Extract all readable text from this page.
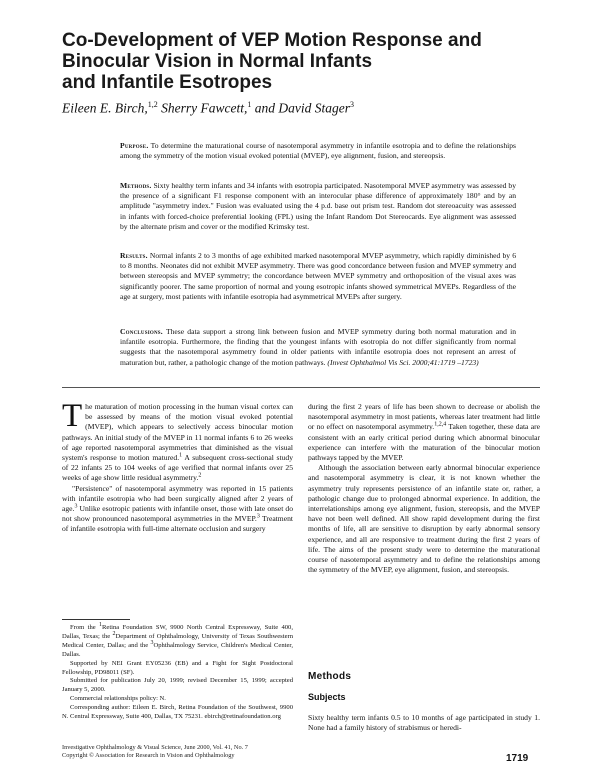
Co-Development of VEP Motion Response and
Binocular Vision in Normal Infants
and Infantile Esotropes
Eileen E. Birch,$^{1,2}$ Sherry Fawcett,$^1$ and David Stager$^3$

Purpose. To determine the maturational course of nasotemporal asymmetry in infantile esotropia and to define the relationships among the symmetry of the motion visual evoked potential (MVEP), eye alignment, fusion, and stereopsis.

Methods. Sixty healthy term infants and 34 infants with esotropia participated. Nasotemporal MVEP asymmetry was assessed by the presence of a significant F1 response component with an interocular phase difference of approximately 180° and by an amplitude "asymmetry index." Fusion was evaluated using the 4 p.d. base out prism test. Random dot stereoacuity was assessed in infants with forced-choice preferential looking (FPL) using the Infant Random Dot Stereocards. Eye alignment was assessed by the alternate prism and cover or the modified Krimsky test.

Results. Normal infants 2 to 3 months of age exhibited marked nasotemporal MVEP asymmetry, which rapidly diminished by 6 to 8 months. Neonates did not exhibit MVEP asymmetry. There was good concordance between fusion and MVEP symmetry and between stereopsis and MVEP symmetry; the concordance between MVEP symmetry and orthoposition of the visual axes was significantly poorer. The same proportion of normal and young esotropic infants showed symmetrical MVEPs. Regardless of the age at surgery, most patients with infantile esotropia had asymmetrical MVEPs after surgery.

Conclusions. These data support a strong link between fusion and MVEP symmetry during both normal maturation and in infantile esotropia. Furthermore, the finding that the youngest infants with esotropia do not differ significantly from normal suggests that the nasotemporal asymmetry found in older patients with infantile esotropia does not represent an arrest of maturation but, rather, a pathologic change of the motion pathways. (Invest Ophthalmol Vis Sci. 2000;41:1719 –1723)

The maturation of motion processing in the human visual cortex can be assessed by means of the motion visual evoked potential (MVEP), which appears to selectively access binocular motion pathways. An initial study of the MVEP in 11 normal infants 6 to 26 weeks of age reported nasotemporal asymmetries that diminished as the visual system's response to motion matured.$^1$ A subsequent cross-sectional study of 22 infants 25 to 104 weeks of age verified that normal infants over 25 weeks of age show little residual asymmetry.$^2$

"Persistence" of nasotemporal asymmetry was reported in 15 patients with infantile esotropia who had been surgically aligned after 2 years of age.$^3$ Unlike esotropic patients with infantile onset, those with late onset do not show pronounced nasotemporal asymmetries in the MVEP.$^3$ Treatment of infantile esotropia with full-time alternate occlusion and surgery

during the first 2 years of life has been shown to decrease or abolish the nasotemporal asymmetry in most patients, whereas later treatment had little or no effect on nasotemporal asymmetry.$^{1,2,4}$ Taken together, these data are consistent with an early critical period during which abnormal binocular experience can interfere with the maturation of the binocular motion pathways tapped by the MVEP.

Although the association between early abnormal binocular experience and nasotemporal asymmetry is clear, it is not known whether the asymmetry truly represents persistence of an infantile state or, rather, a pathologic change due to prolonged abnormal experience. In addition, the interrelationships among eye alignment, fusion, stereopsis, and the MVEP have not been well defined. All show rapid development during the first months of life, all are sensitive to disruption by early abnormal sensory experience, and all are responsive to treatment during the first 2 years of life. The aims of the present study were to determine the maturational course of nasotemporal asymmetry and to define the relationships among the symmetry of the MVEP, eye alignment, fusion, and stereopsis.

From the 1Retina Foundation SW, 9900 North Central Expressway, Suite 400, Dallas, Texas; the 2Department of Ophthalmology, University of Texas Southwestern Medical Center, Dallas; and the 3Ophthalmology Service, Children's Medical Center, Dallas.

Supported by NEI Grant EY05236 (EB) and a Fight for Sight Postdoctoral Fellowship, PD98011 (SF).

Submitted for publication July 20, 1999; revised December 15, 1999; accepted January 5, 2000.

Commercial relationships policy: N.

Corresponding author: Eileen E. Birch, Retina Foundation of the Southwest, 9900 N. Central Expressway, Suite 400, Dallas, TX 75231. ebirch@retinafoundation.org

Methods
Subjects

Sixty healthy term infants 0.5 to 10 months of age participated in study 1. None had a family history of strabismus or heredi-

Investigative Ophthalmology & Visual Science, June 2000, Vol. 41, No. 7
Copyright © Association for Research in Vision and Ophthalmology	1719
